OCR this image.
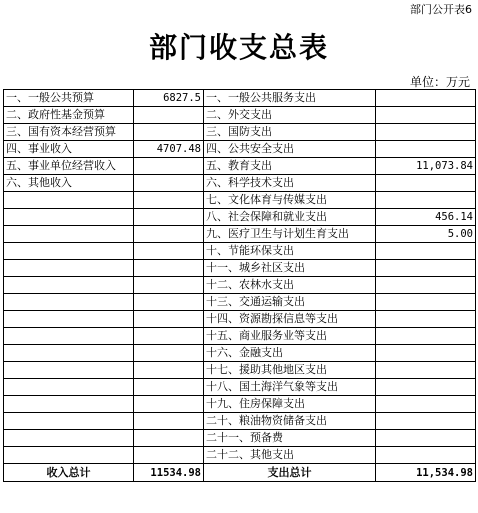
部门公开表6
部门收支总表
单位：万元
一、一般公共预算	6827.5	一、一般公共服务支出	
二、政府性基金预算		二、外交支出	
三、国有资本经营预算		三、国防支出	
四、事业收入	4707.48	四、公共安全支出	
五、事业单位经营收入		五、教育支出	11,073.84
六、其他收入		六、科学技术支出	
		七、文化体育与传媒支出	
		八、社会保障和就业支出	456.14
		九、医疗卫生与计划生育支出	5.00
		十、节能环保支出	
		十一、城乡社区支出	
		十二、农林水支出	
		十三、交通运输支出	
		十四、资源勘探信息等支出	
		十五、商业服务业等支出	
		十六、金融支出	
		十七、援助其他地区支出	
		十八、国土海洋气象等支出	
		十九、住房保障支出	
		二十、粮油物资储备支出	
		二十一、预备费	
		二十二、其他支出	
收入总计	11534.98	支出总计	11,534.98
